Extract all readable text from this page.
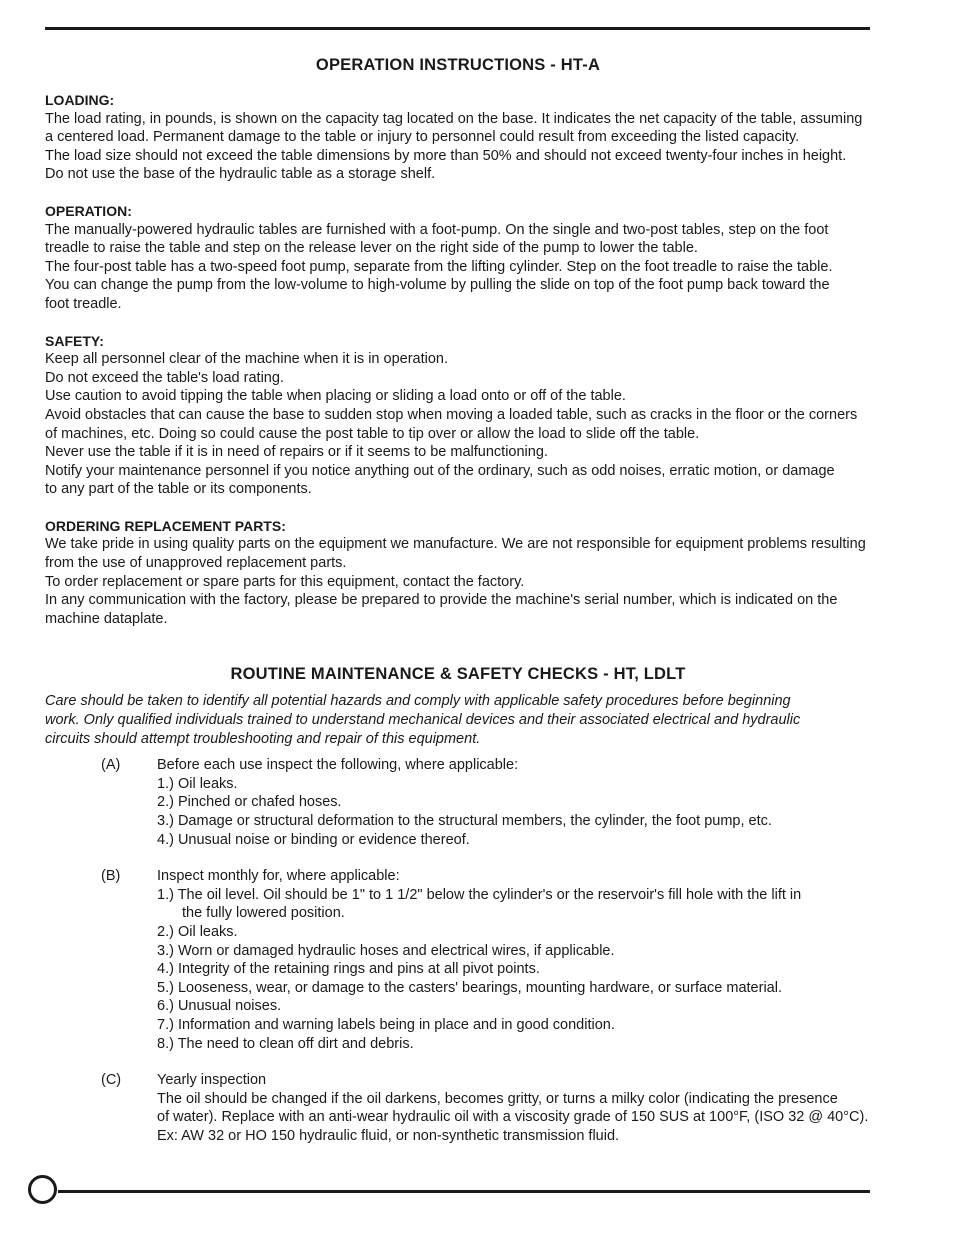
OPERATION INSTRUCTIONS - HT-A
LOADING:

The load rating, in pounds, is shown on the capacity tag located on the base. It indicates the net capacity of the table, assuming

a centered load. Permanent damage to the table or injury to personnel could result from exceeding the listed capacity.

The load size should not exceed the table dimensions by more than 50% and should not exceed twenty-four inches in height.

Do not use the base of the hydraulic table as a storage shelf.

OPERATION:

The manually-powered hydraulic tables are furnished with a foot-pump. On the single and two-post tables, step on the foot

treadle to raise the table and step on the release lever on the right side of the pump to lower the table.

The four-post table has a two-speed foot pump, separate from the lifting cylinder. Step on the foot treadle to raise the table.

You can change the pump from the low-volume to high-volume by pulling the slide on top of the foot pump back toward the

foot treadle.

SAFETY:

Keep all personnel clear of the machine when it is in operation.

Do not exceed the table's load rating.

Use caution to avoid tipping the table when placing or sliding a load onto or off of the table.

Avoid obstacles that can cause the base to sudden stop when moving a loaded table, such as cracks in the floor or the corners

of machines, etc. Doing so could cause the post table to tip over or allow the load to slide off the table.

Never use the table if it is in need of repairs or if it seems to be malfunctioning.

Notify your maintenance personnel if you notice anything out of the ordinary, such as odd noises, erratic motion, or damage

to any part of the table or its components.

ORDERING REPLACEMENT PARTS:

We take pride in using quality parts on the equipment we manufacture. We are not responsible for equipment problems resulting

from the use of unapproved replacement parts.

To order replacement or spare parts for this equipment, contact the factory.

In any communication with the factory, please be prepared to provide the machine's serial number, which is indicated on the

machine dataplate.

ROUTINE MAINTENANCE & SAFETY CHECKS - HT, LDLT
Care should be taken to identify all potential hazards and comply with applicable safety procedures before beginning
work. Only qualified individuals trained to understand mechanical devices and their associated electrical and hydraulic
circuits should attempt troubleshooting and repair of this equipment.
(A)	Before each use inspect the following, where applicable:

1.) Oil leaks.

2.) Pinched or chafed hoses.

3.) Damage or structural deformation to the structural members, the cylinder, the foot pump, etc.

4.) Unusual noise or binding or evidence thereof.

(B)	Inspect monthly for, where applicable:

1.) The oil level. Oil should be 1" to 1 1/2" below the cylinder's or the reservoir's fill hole with the lift in

the fully lowered position.

2.) Oil leaks.

3.) Worn or damaged hydraulic hoses and electrical wires, if applicable.

4.) Integrity of the retaining rings and pins at all pivot points.

5.) Looseness, wear, or damage to the casters' bearings, mounting hardware, or surface material.

6.) Unusual noises.

7.) Information and warning labels being in place and in good condition.

8.) The need to clean off dirt and debris.

(C)	Yearly inspection

The oil should be changed if the oil darkens, becomes gritty, or turns a milky color (indicating the presence

of water). Replace with an anti-wear hydraulic oil with a viscosity grade of 150 SUS at 100°F, (ISO 32 @ 40°C).

Ex: AW 32 or HO 150 hydraulic fluid, or non-synthetic transmission fluid.
